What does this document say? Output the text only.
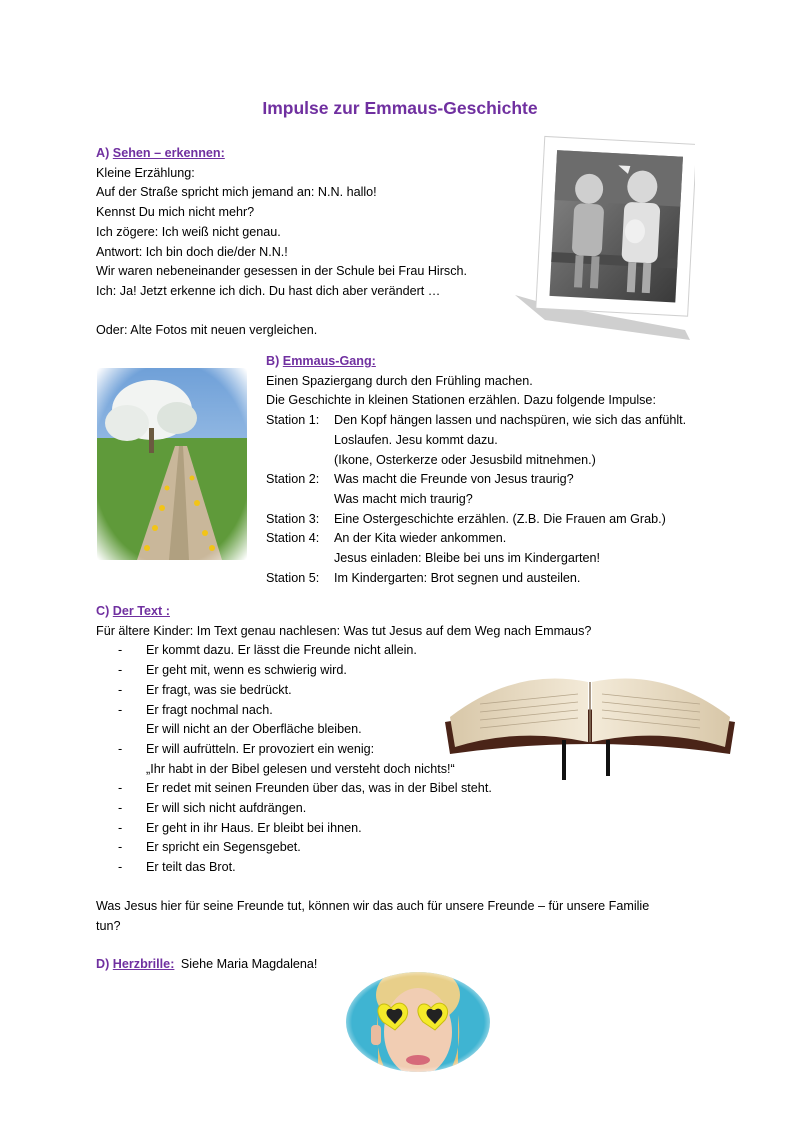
Impulse zur Emmaus-Geschichte
A) Sehen – erkennen:
Kleine Erzählung:
Auf der Straße spricht mich jemand an: N.N. hallo!
Kennst Du mich nicht mehr?
Ich zögere: Ich weiß nicht genau.
Antwort: Ich bin doch die/der N.N.!
Wir waren nebeneinander gesessen in der Schule bei Frau Hirsch.
Ich: Ja! Jetzt erkenne ich dich. Du hast dich aber verändert …
Oder: Alte Fotos mit neuen vergleichen.
B) Emmaus-Gang:
Einen Spaziergang durch den Frühling machen.
Die Geschichte in kleinen Stationen erzählen. Dazu folgende Impulse:
Station 1: Den Kopf hängen lassen und nachspüren, wie sich das anfühlt.
Loslaufen. Jesu kommt dazu.
(Ikone, Osterkerze oder Jesusbild mitnehmen.)
Station 2: Was macht die Freunde von Jesus traurig?
Was macht mich traurig?
Station 3: Eine Ostergeschichte erzählen. (Z.B. Die Frauen am Grab.)
Station 4: An der Kita wieder ankommen.
Jesus einladen: Bleibe bei uns im Kindergarten!
Station 5: Im Kindergarten: Brot segnen und austeilen.
C) Der Text :
Für ältere Kinder: Im Text genau nachlesen: Was tut Jesus auf dem Weg nach Emmaus?
- Er kommt dazu. Er lässt die Freunde nicht allein.
- Er geht mit, wenn es schwierig wird.
- Er fragt, was sie bedrückt.
- Er fragt nochmal nach.
Er will nicht an der Oberfläche bleiben.
- Er will aufrütteln. Er provoziert ein wenig:
„Ihr habt in der Bibel gelesen und versteht doch nichts!“
- Er redet mit seinen Freunden über das, was in der Bibel steht.
- Er will sich nicht aufdrängen.
- Er geht in ihr Haus. Er bleibt bei ihnen.
- Er spricht ein Segensgebet.
- Er teilt das Brot.
Was Jesus hier für seine Freunde tut, können wir das auch für unsere Freunde – für unsere Familie
tun?
D) Herzbrille: Siehe Maria Magdalena!
